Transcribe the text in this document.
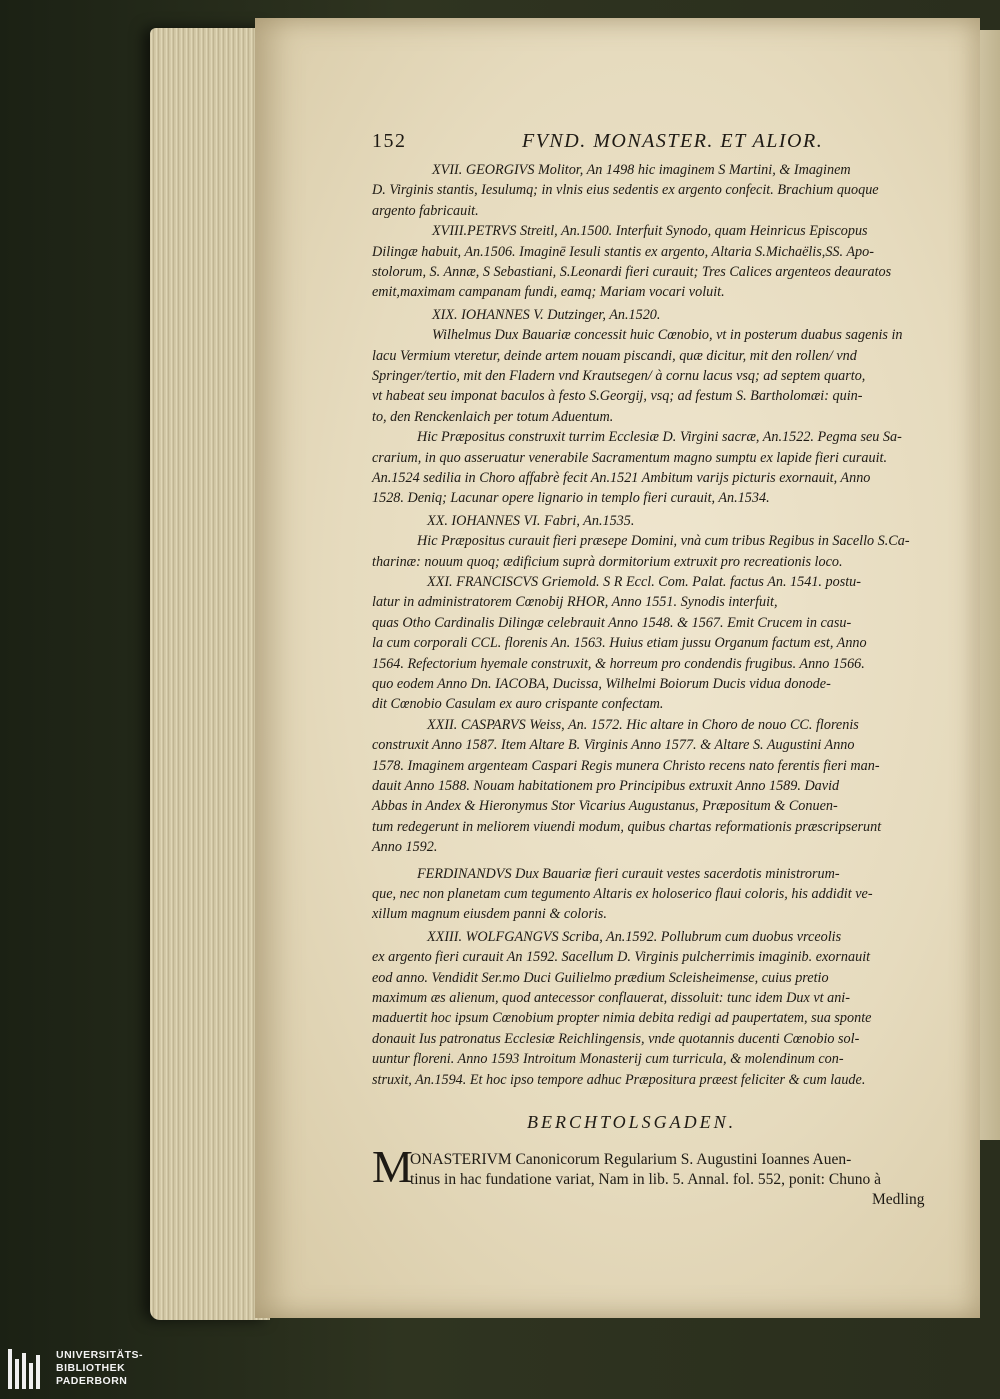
152	FVND. MONASTER. ET ALIOR.
XVII. GEORGIVS Molitor, An 1498 hic imaginem S Martini, & Imaginem
D. Virginis stantis, Iesulumq; in vlnis eius sedentis ex argento confecit. Brachium quoque
argento fabricauit.
XVIII.PETRVS Streitl, An.1500. Interfuit Synodo, quam Heinricus Episcopus
Dilingæ habuit, An.1506. Imaginē Iesuli stantis ex argento, Altaria S.Michaëlis,SS. Apo-
stolorum, S. Annæ, S Sebastiani, S.Leonardi fieri curauit; Tres Calices argenteos deauratos
emit,maximam campanam fundi, eamq; Mariam vocari voluit.
XIX. IOHANNES V. Dutzinger, An.1520.
Wilhelmus Dux Bauariæ concessit huic Cœnobio, vt in posterum duabus sagenis in
lacu Vermium vteretur, deinde artem nouam piscandi, quæ dicitur, mit den rollen/ vnd
Springer/tertio, mit den Fladern vnd Krautsegen/ à cornu lacus vsq; ad septem quarto,
vt habeat seu imponat baculos à festo S.Georgij, vsq; ad festum S. Bartholomæi: quin-
to, den Renckenlaich per totum Aduentum.
Hic Præpositus construxit turrim Ecclesiæ D. Virgini sacræ, An.1522. Pegma seu Sa-
crarium, in quo asseruatur venerabile Sacramentum magno sumptu ex lapide fieri curauit.
An.1524 sedilia in Choro affabrè fecit An.1521 Ambitum varijs picturis exornauit, Anno
1528. Deniq; Lacunar opere lignario in templo fieri curauit, An.1534.
XX. IOHANNES VI. Fabri, An.1535.
Hic Præpositus curauit fieri præsepe Domini, vnà cum tribus Regibus in Sacello S.Ca-
tharinæ: nouum quoq; ædificium suprà dormitorium extruxit pro recreationis loco.
XXI. FRANCISCVS Griemold. S R Eccl. Com. Palat. factus An. 1541. postu-
latur in administratorem Cœnobij RHOR, Anno 1551. Synodis interfuit,
quas Otho Cardinalis Dilingæ celebrauit Anno 1548. & 1567. Emit Crucem in casu-
la cum corporali CCL. florenis An. 1563. Huius etiam jussu Organum factum est, Anno
1564. Refectorium hyemale construxit, & horreum pro condendis frugibus. Anno 1566.
quo eodem Anno Dn. IACOBA, Ducissa, Wilhelmi Boiorum Ducis vidua donode-
dit Cœnobio Casulam ex auro crispante confectam.
XXII. CASPARVS Weiss, An. 1572. Hic altare in Choro de nouo CC. florenis
construxit Anno 1587. Item Altare B. Virginis Anno 1577. & Altare S. Augustini Anno
1578. Imaginem argenteam Caspari Regis munera Christo recens nato ferentis fieri man-
dauit Anno 1588. Nouam habitationem pro Principibus extruxit Anno 1589. David
Abbas in Andex & Hieronymus Stor Vicarius Augustanus, Præpositum & Conuen-
tum redegerunt in meliorem viuendi modum, quibus chartas reformationis præscripserunt
Anno 1592.
FERDINANDVS Dux Bauariæ fieri curauit vestes sacerdotis ministrorum-
que, nec non planetam cum tegumento Altaris ex holoserico flaui coloris, his addidit ve-
xillum magnum eiusdem panni & coloris.
XXIII. WOLFGANGVS Scriba, An.1592. Pollubrum cum duobus vrceolis
ex argento fieri curauit An 1592. Sacellum D. Virginis pulcherrimis imaginib. exornauit
eod anno. Vendidit Ser.mo Duci Guilielmo prædium Scleisheimense, cuius pretio
maximum æs alienum, quod antecessor conflauerat, dissoluit: tunc idem Dux vt ani-
maduertit hoc ipsum Cœnobium propter nimia debita redigi ad paupertatem, sua sponte
donauit Ius patronatus Ecclesiæ Reichlingensis, vnde quotannis ducenti Cœnobio sol-
uuntur floreni. Anno 1593 Introitum Monasterij cum turricula, & molendinum con-
struxit, An.1594. Et hoc ipso tempore adhuc Præpositura præest feliciter & cum laude.
BERCHTOLSGADEN.
M
ONASTERIVM Canonicorum Regularium S. Augustini Ioannes Auen-
tinus in hac fundatione variat, Nam in lib. 5. Annal. fol. 552, ponit: Chuno à
Medling
UNIVERSITÄTS-
BIBLIOTHEK
PADERBORN
